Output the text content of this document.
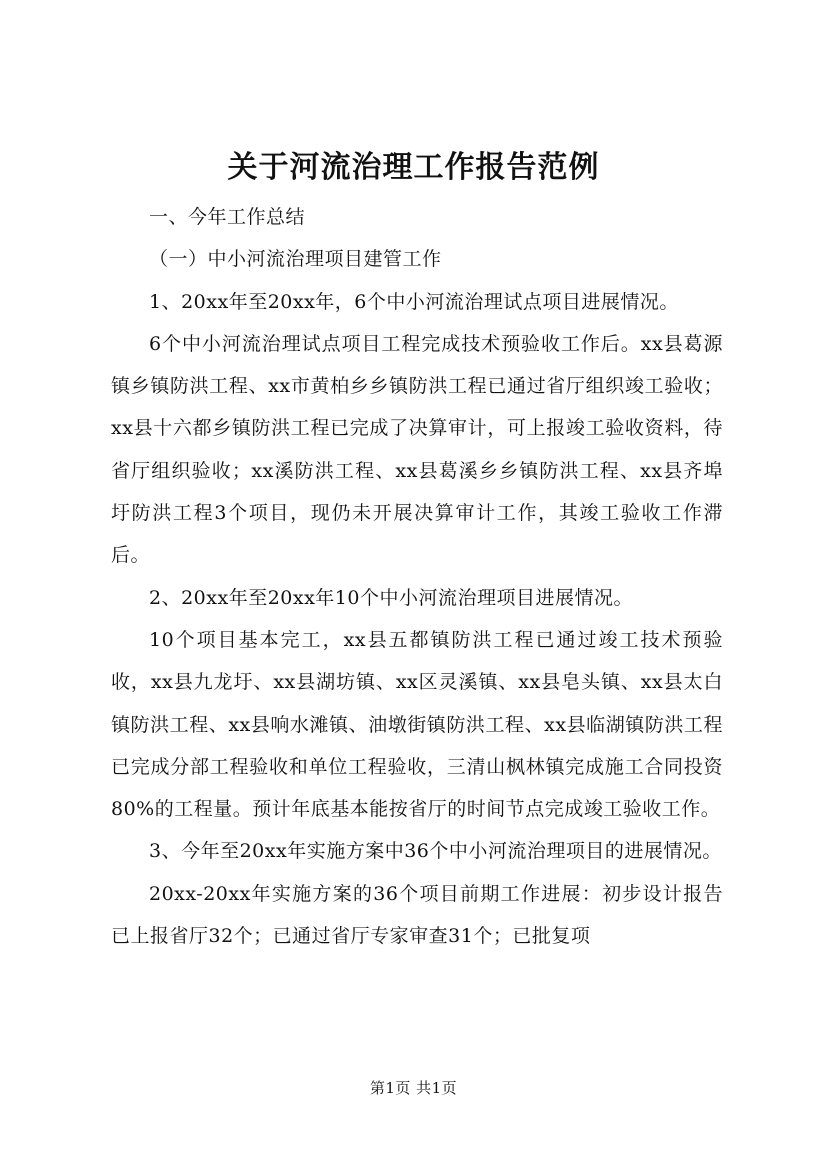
关于河流治理工作报告范例

一、今年工作总结

（一）中小河流治理项目建管工作

1、20xx年至20xx年，6个中小河流治理试点项目进展情况。

6个中小河流治理试点项目工程完成技术预验收工作后。xx县葛源镇乡镇防洪工程、xx市黄柏乡乡镇防洪工程已通过省厅组织竣工验收；xx县十六都乡镇防洪工程已完成了决算审计，可上报竣工验收资料，待省厅组织验收；xx溪防洪工程、xx县葛溪乡乡镇防洪工程、xx县齐埠圩防洪工程3个项目，现仍未开展决算审计工作，其竣工验收工作滞后。

2、20xx年至20xx年10个中小河流治理项目进展情况。

10个项目基本完工，xx县五都镇防洪工程已通过竣工技术预验收，xx县九龙圩、xx县湖坊镇、xx区灵溪镇、xx县皂头镇、xx县太白镇防洪工程、xx县响水滩镇、油墩街镇防洪工程、xx县临湖镇防洪工程已完成分部工程验收和单位工程验收，三清山枫林镇完成施工合同投资80%的工程量。预计年底基本能按省厅的时间节点完成竣工验收工作。

3、今年至20xx年实施方案中36个中小河流治理项目的进展情况。

20xx-20xx年实施方案的36个项目前期工作进展：初步设计报告已上报省厅32个；已通过省厅专家审查31个；已批复项

第1页 共1页
